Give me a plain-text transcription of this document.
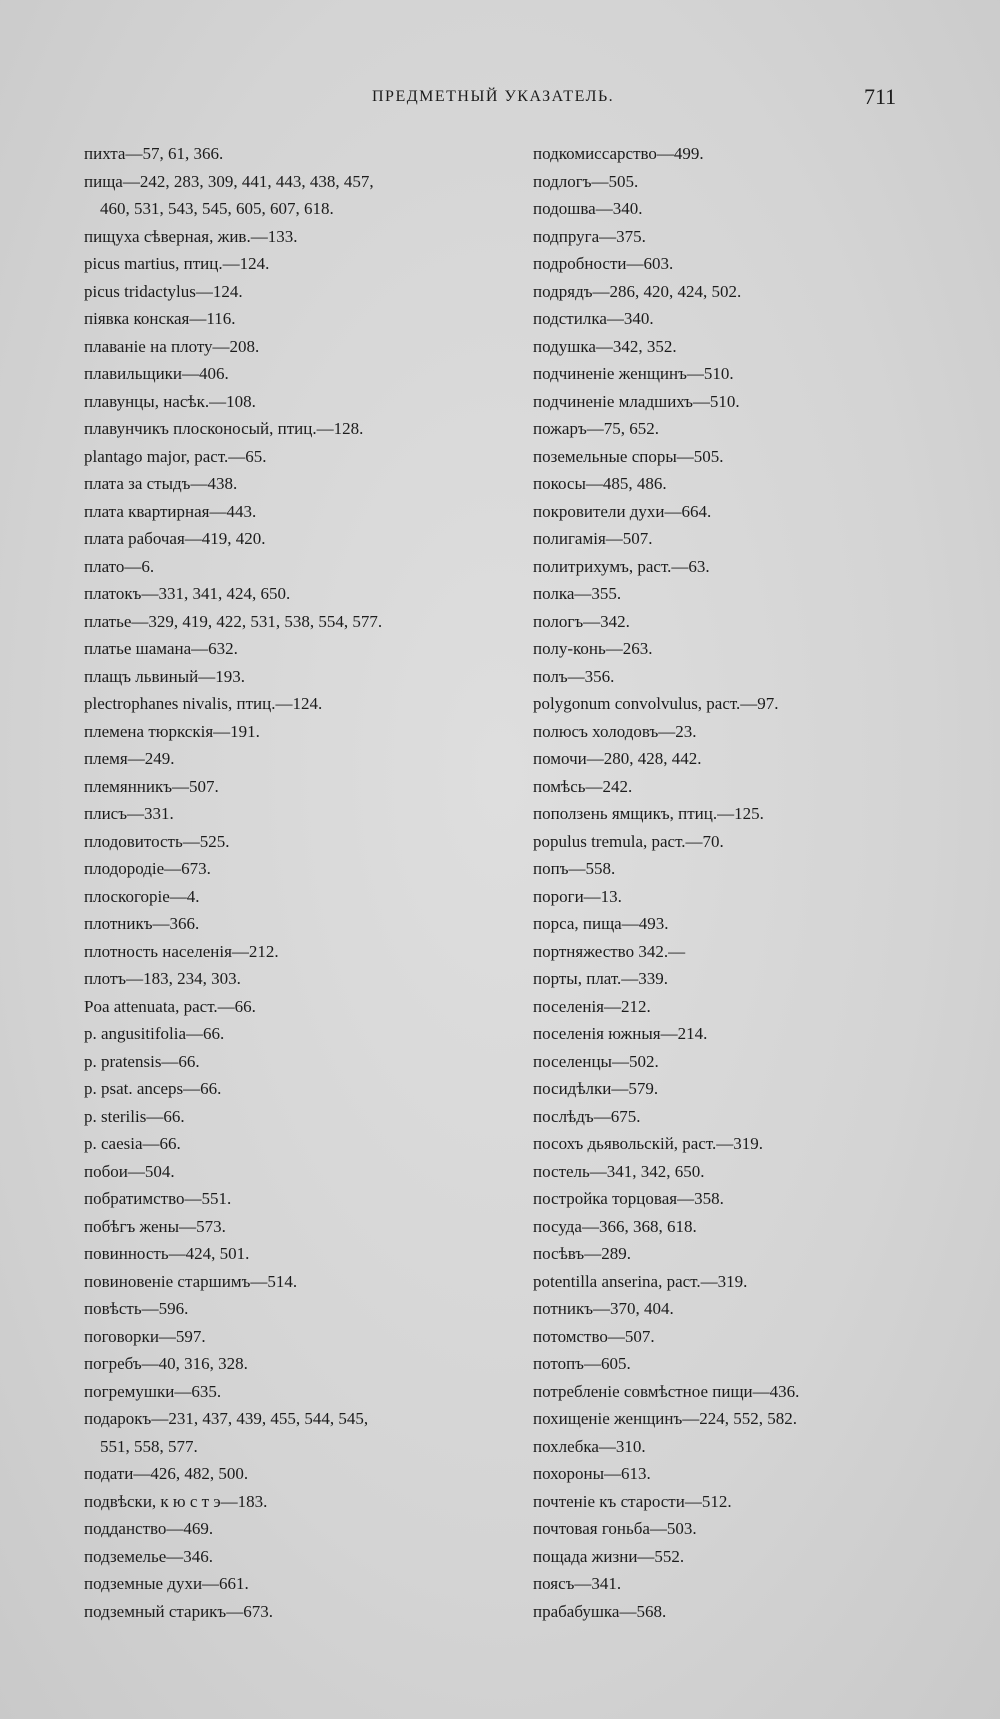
ПРЕДМЕТНЫЙ УКАЗАТЕЛЬ.	711
пихта—57, 61, 366.
пища—242, 283, 309, 441, 443, 438, 457,
460, 531, 543, 545, 605, 607, 618.
пищуха сѣверная, жив.—133.
picus martius, птиц.—124.
picus tridactylus—124.
піявка конская—116.
плаваніе на плоту—208.
плавильщики—406.
плавунцы, насѣк.—108.
плавунчикъ плосконосый, птиц.—128.
plantago major, раст.—65.
плата за стыдъ—438.
плата квартирная—443.
плата рабочая—419, 420.
плато—6.
платокъ—331, 341, 424, 650.
платье—329, 419, 422, 531, 538, 554, 577.
платье шамана—632.
плащъ львиный—193.
plectrophanes nivalis, птиц.—124.
племена тюркскія—191.
племя—249.
племянникъ—507.
плисъ—331.
плодовитость—525.
плодородіе—673.
плоскогоріе—4.
плотникъ—366.
плотность населенія—212.
плотъ—183, 234, 303.
Poa attenuata, раст.—66.
p. angusitifolia—66.
p. pratensis—66.
p. psat. anceps—66.
p. sterilis—66.
p. caesia—66.
побои—504.
побратимство—551.
побѣгъ жены—573.
повинность—424, 501.
повиновеніе старшимъ—514.
повѣсть—596.
поговорки—597.
погребъ—40, 316, 328.
погремушки—635.
подарокъ—231, 437, 439, 455, 544, 545,
551, 558, 577.
подати—426, 482, 500.
подвѣски, к ю с т э—183.
подданство—469.
подземелье—346.
подземные духи—661.
подземный старикъ—673.
подкомиссарство—499.
подлогъ—505.
подошва—340.
подпруга—375.
подробности—603.
подрядъ—286, 420, 424, 502.
подстилка—340.
подушка—342, 352.
подчиненіе женщинъ—510.
подчиненіе младшихъ—510.
пожаръ—75, 652.
поземельные споры—505.
покосы—485, 486.
покровители духи—664.
полигамія—507.
политрихумъ, раст.—63.
полка—355.
пологъ—342.
полу-конь—263.
полъ—356.
polygonum convolvulus, раст.—97.
полюсъ холодовъ—23.
помочи—280, 428, 442.
помѣсь—242.
поползень ямщикъ, птиц.—125.
populus tremula, раст.—70.
попъ—558.
пороги—13.
порса, пища—493.
портняжество 342.—
порты, плат.—339.
поселенія—212.
поселенія южныя—214.
поселенцы—502.
посидѣлки—579.
послѣдъ—675.
посохъ дьявольскій, раст.—319.
постель—341, 342, 650.
постройка торцовая—358.
посуда—366, 368, 618.
посѣвъ—289.
potentilla anserina, раст.—319.
потникъ—370, 404.
потомство—507.
потопъ—605.
потребленіе совмѣстное пищи—436.
похищеніе женщинъ—224, 552, 582.
похлебка—310.
похороны—613.
почтеніе къ старости—512.
почтовая гоньба—503.
пощада жизни—552.
поясъ—341.
прабабушка—568.
